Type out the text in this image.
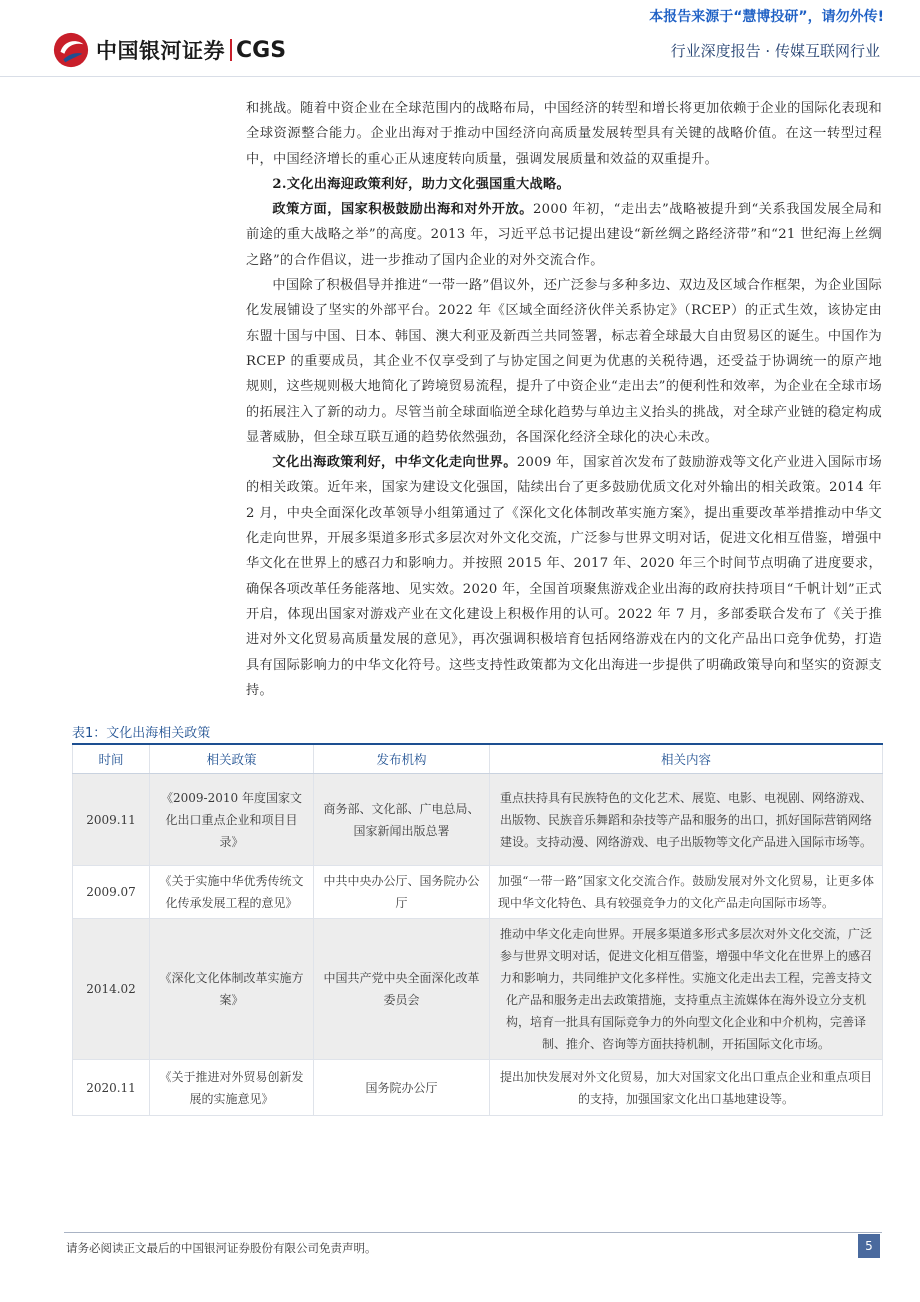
本报告来源于“慧博投研”，请勿外传!
中国银河证券 CGS	行业深度报告 · 传媒互联网行业

和挑战。随着中资企业在全球范围内的战略布局，中国经济的转型和增长将更加依赖于企业的国际化表现和全球资源整合能力。企业出海对于推动中国经济向高质量发展转型具有关键的战略价值。在这一转型过程中，中国经济增长的重心正从速度转向质量，强调发展质量和效益的双重提升。

2.文化出海迎政策利好，助力文化强国重大战略。

政策方面，国家积极鼓励出海和对外开放。2000 年初，“走出去”战略被提升到“关系我国发展全局和前途的重大战略之举”的高度。2013 年，习近平总书记提出建设“新丝绸之路经济带”和“21 世纪海上丝绸之路”的合作倡议，进一步推动了国内企业的对外交流合作。

中国除了积极倡导并推进“一带一路”倡议外，还广泛参与多种多边、双边及区域合作框架，为企业国际化发展铺设了坚实的外部平台。2022 年《区域全面经济伙伴关系协定》（RCEP）的正式生效，该协定由东盟十国与中国、日本、韩国、澳大利亚及新西兰共同签署，标志着全球最大自由贸易区的诞生。中国作为 RCEP 的重要成员，其企业不仅享受到了与协定国之间更为优惠的关税待遇，还受益于协调统一的原产地规则，这些规则极大地简化了跨境贸易流程，提升了中资企业“走出去”的便利性和效率，为企业在全球市场的拓展注入了新的动力。尽管当前全球面临逆全球化趋势与单边主义抬头的挑战，对全球产业链的稳定构成显著威胁，但全球互联互通的趋势依然强劲，各国深化经济全球化的决心未改。

文化出海政策利好，中华文化走向世界。2009 年，国家首次发布了鼓励游戏等文化产业进入国际市场的相关政策。近年来，国家为建设文化强国，陆续出台了更多鼓励优质文化对外输出的相关政策。2014 年 2 月，中央全面深化改革领导小组第通过了《深化文化体制改革实施方案》，提出重要改革举措推动中华文化走向世界，开展多渠道多形式多层次对外文化交流，广泛参与世界文明对话，促进文化相互借鉴，增强中华文化在世界上的感召力和影响力。并按照 2015 年、2017 年、2020 年三个时间节点明确了进度要求，确保各项改革任务能落地、见实效。2020 年，全国首项聚焦游戏企业出海的政府扶持项目“千帆计划”正式开启，体现出国家对游戏产业在文化建设上积极作用的认可。2022 年 7 月，多部委联合发布了《关于推进对外文化贸易高质量发展的意见》，再次强调积极培育包括网络游戏在内的文化产品出口竞争优势，打造具有国际影响力的中华文化符号。这些支持性政策都为文化出海进一步提供了明确政策导向和坚实的资源支持。

表1：文化出海相关政策
时间	相关政策	发布机构	相关内容
2009.11	《2009-2010 年度国家文化出口重点企业和项目目录》	商务部、文化部、广电总局、国家新闻出版总署	重点扶持具有民族特色的文化艺术、展览、电影、电视剧、网络游戏、出版物、民族音乐舞蹈和杂技等产品和服务的出口，抓好国际营销网络建设。支持动漫、网络游戏、电子出版物等文化产品进入国际市场等。
2009.07	《关于实施中华优秀传统文化传承发展工程的意见》	中共中央办公厅、国务院办公厅	加强“一带一路”国家文化交流合作。鼓励发展对外文化贸易，让更多体现中华文化特色、具有较强竞争力的文化产品走向国际市场等。
2014.02	《深化文化体制改革实施方案》	中国共产党中央全面深化改革委员会	推动中华文化走向世界。开展多渠道多形式多层次对外文化交流，广泛参与世界文明对话，促进文化相互借鉴，增强中华文化在世界上的感召力和影响力，共同维护文化多样性。实施文化走出去工程，完善支持文化产品和服务走出去政策措施，支持重点主流媒体在海外设立分支机构，培育一批具有国际竞争力的外向型文化企业和中介机构，完善译制、推介、咨询等方面扶持机制，开拓国际文化市场。
2020.11	《关于推进对外贸易创新发展的实施意见》	国务院办公厅	提出加快发展对外文化贸易，加大对国家文化出口重点企业和重点项目的支持，加强国家文化出口基地建设等。
请务必阅读正文最后的中国银河证券股份有限公司免责声明。	5
